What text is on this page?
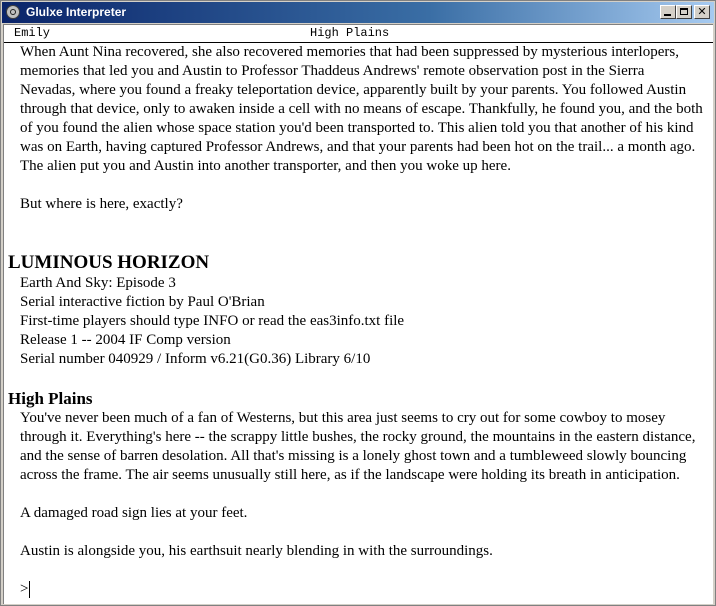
Glulxe Interpreter	✕
Emily	High Plains

When Aunt Nina recovered, she also recovered memories that had been suppressed by mysterious interlopers, memories that led you and Austin to Professor Thaddeus Andrews' remote observation post in the Sierra Nevadas, where you found a freaky teleportation device, apparently built by your parents. You followed Austin through that device, only to awaken inside a cell with no means of escape. Thankfully, he found you, and the both of you found the alien whose space station you'd been transported to. This alien told you that another of his kind was on Earth, having captured Professor Andrews, and that your parents had been hot on the trail... a month ago. The alien put you and Austin into another transporter, and then you woke up here.

But where is here, exactly?

LUMINOUS HORIZON

Earth And Sky: Episode 3

Serial interactive fiction by Paul O'Brian

First-time players should type INFO or read the eas3info.txt file

Release 1 -- 2004 IF Comp version

Serial number 040929 / Inform v6.21(G0.36) Library 6/10

High Plains

You've never been much of a fan of Westerns, but this area just seems to cry out for some cowboy to mosey through it. Everything's here -- the scrappy little bushes, the rocky ground, the mountains in the eastern distance, and the sense of barren desolation. All that's missing is a lonely ghost town and a tumbleweed slowly bouncing across the frame. The air seems unusually still here, as if the landscape were holding its breath in anticipation.

A damaged road sign lies at your feet.

Austin is alongside you, his earthsuit nearly blending in with the surroundings.

>
